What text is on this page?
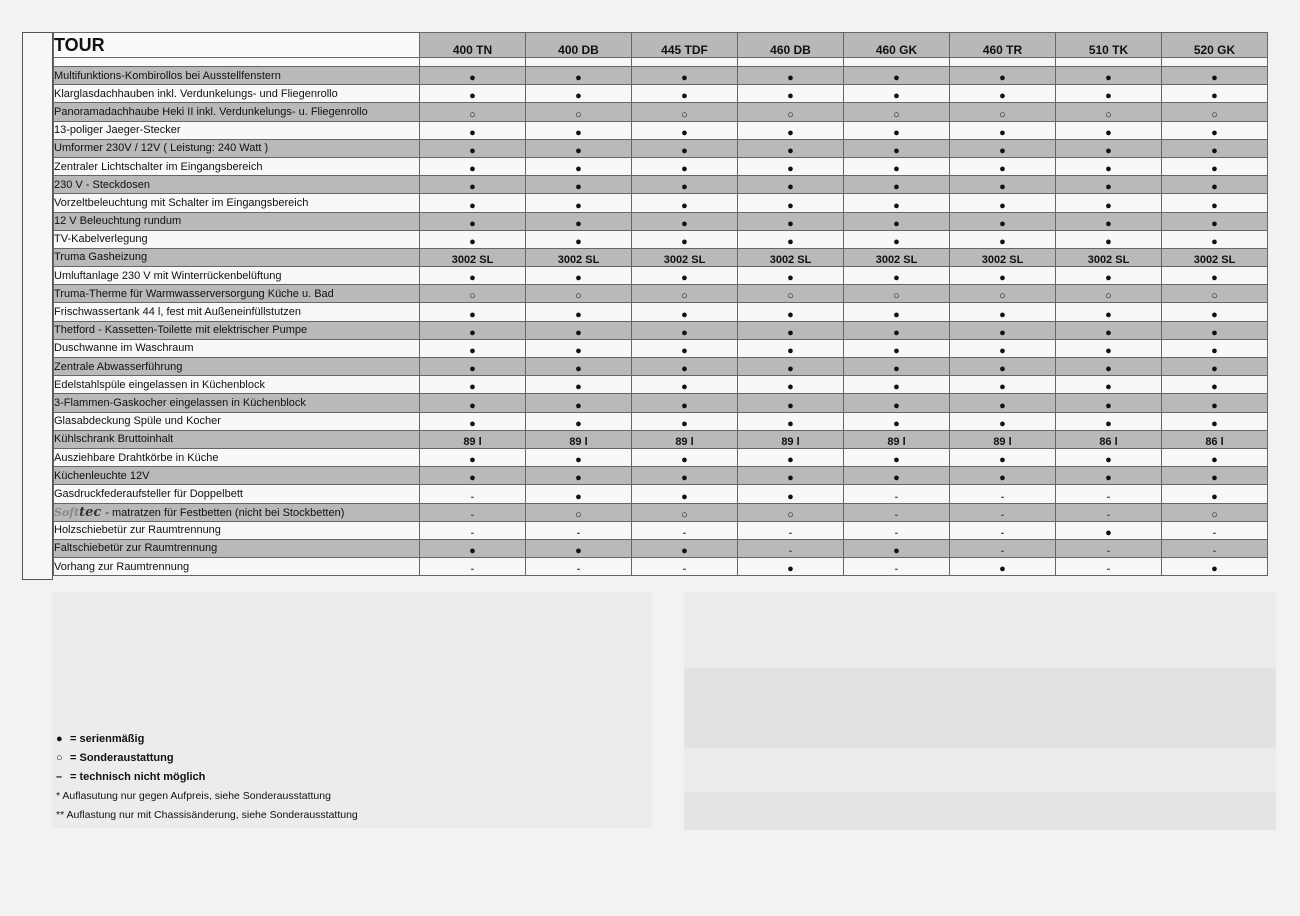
TOUR	400 TN	400 DB	445 TDF	460 DB	460 GK	460 TR	510 TK	520 GK

Multifunktions-Kombirollos bei Ausstellfenstern	●	●	●	●	●	●	●	●
Klarglasdachhauben inkl. Verdunkelungs- und Fliegenrollo	●	●	●	●	●	●	●	●
Panoramadachhaube Heki II inkl. Verdunkelungs- u. Fliegenrollo	○	○	○	○	○	○	○	○
13-poliger Jaeger-Stecker	●	●	●	●	●	●	●	●
Umformer 230V / 12V ( Leistung: 240 Watt )	●	●	●	●	●	●	●	●
Zentraler Lichtschalter im Eingangsbereich	●	●	●	●	●	●	●	●
230 V - Steckdosen	●	●	●	●	●	●	●	●
Vorzeltbeleuchtung mit Schalter im Eingangsbereich	●	●	●	●	●	●	●	●
12 V Beleuchtung rundum	●	●	●	●	●	●	●	●
TV-Kabelverlegung	●	●	●	●	●	●	●	●
Truma Gasheizung	3002 SL	3002 SL	3002 SL	3002 SL	3002 SL	3002 SL	3002 SL	3002 SL
Umluftanlage 230 V mit Winterrückenbelüftung	●	●	●	●	●	●	●	●
Truma-Therme für Warmwasserversorgung Küche u. Bad	○	○	○	○	○	○	○	○
Frischwassertank 44 l, fest mit Außeneinfüllstutzen	●	●	●	●	●	●	●	●
Thetford - Kassetten-Toilette mit elektrischer Pumpe	●	●	●	●	●	●	●	●
Duschwanne im Waschraum	●	●	●	●	●	●	●	●
Zentrale Abwasserführung	●	●	●	●	●	●	●	●
Edelstahlspüle eingelassen in Küchenblock	●	●	●	●	●	●	●	●
3-Flammen-Gaskocher eingelassen in Küchenblock	●	●	●	●	●	●	●	●
Glasabdeckung Spüle und Kocher	●	●	●	●	●	●	●	●
Kühlschrank Bruttoinhalt	89 l	89 l	89 l	89 l	89 l	89 l	86 l	86 l
Ausziehbare Drahtkörbe in Küche	●	●	●	●	●	●	●	●
Küchenleuchte 12V	●	●	●	●	●	●	●	●
Gasdruckfederaufsteller für Doppelbett	-	●	●	●	-	-	-	●
Softtec - matratzen für Festbetten (nicht bei Stockbetten)	-	○	○	○	-	-	-	○
Holzschiebetür zur Raumtrennung	-	-	-	-	-	-	●	-
Faltschiebetür zur Raumtrennung	●	●	●	-	●	-	-	-
Vorhang zur Raumtrennung	-	-	-	●	-	●	-	●
● = serienmäßig
○ = Sonderaustattung
– = technisch nicht möglich
* Auflasutung nur gegen Aufpreis, siehe Sonderausstattung
** Auflastung nur mit Chassisänderung, siehe Sonderausstattung
